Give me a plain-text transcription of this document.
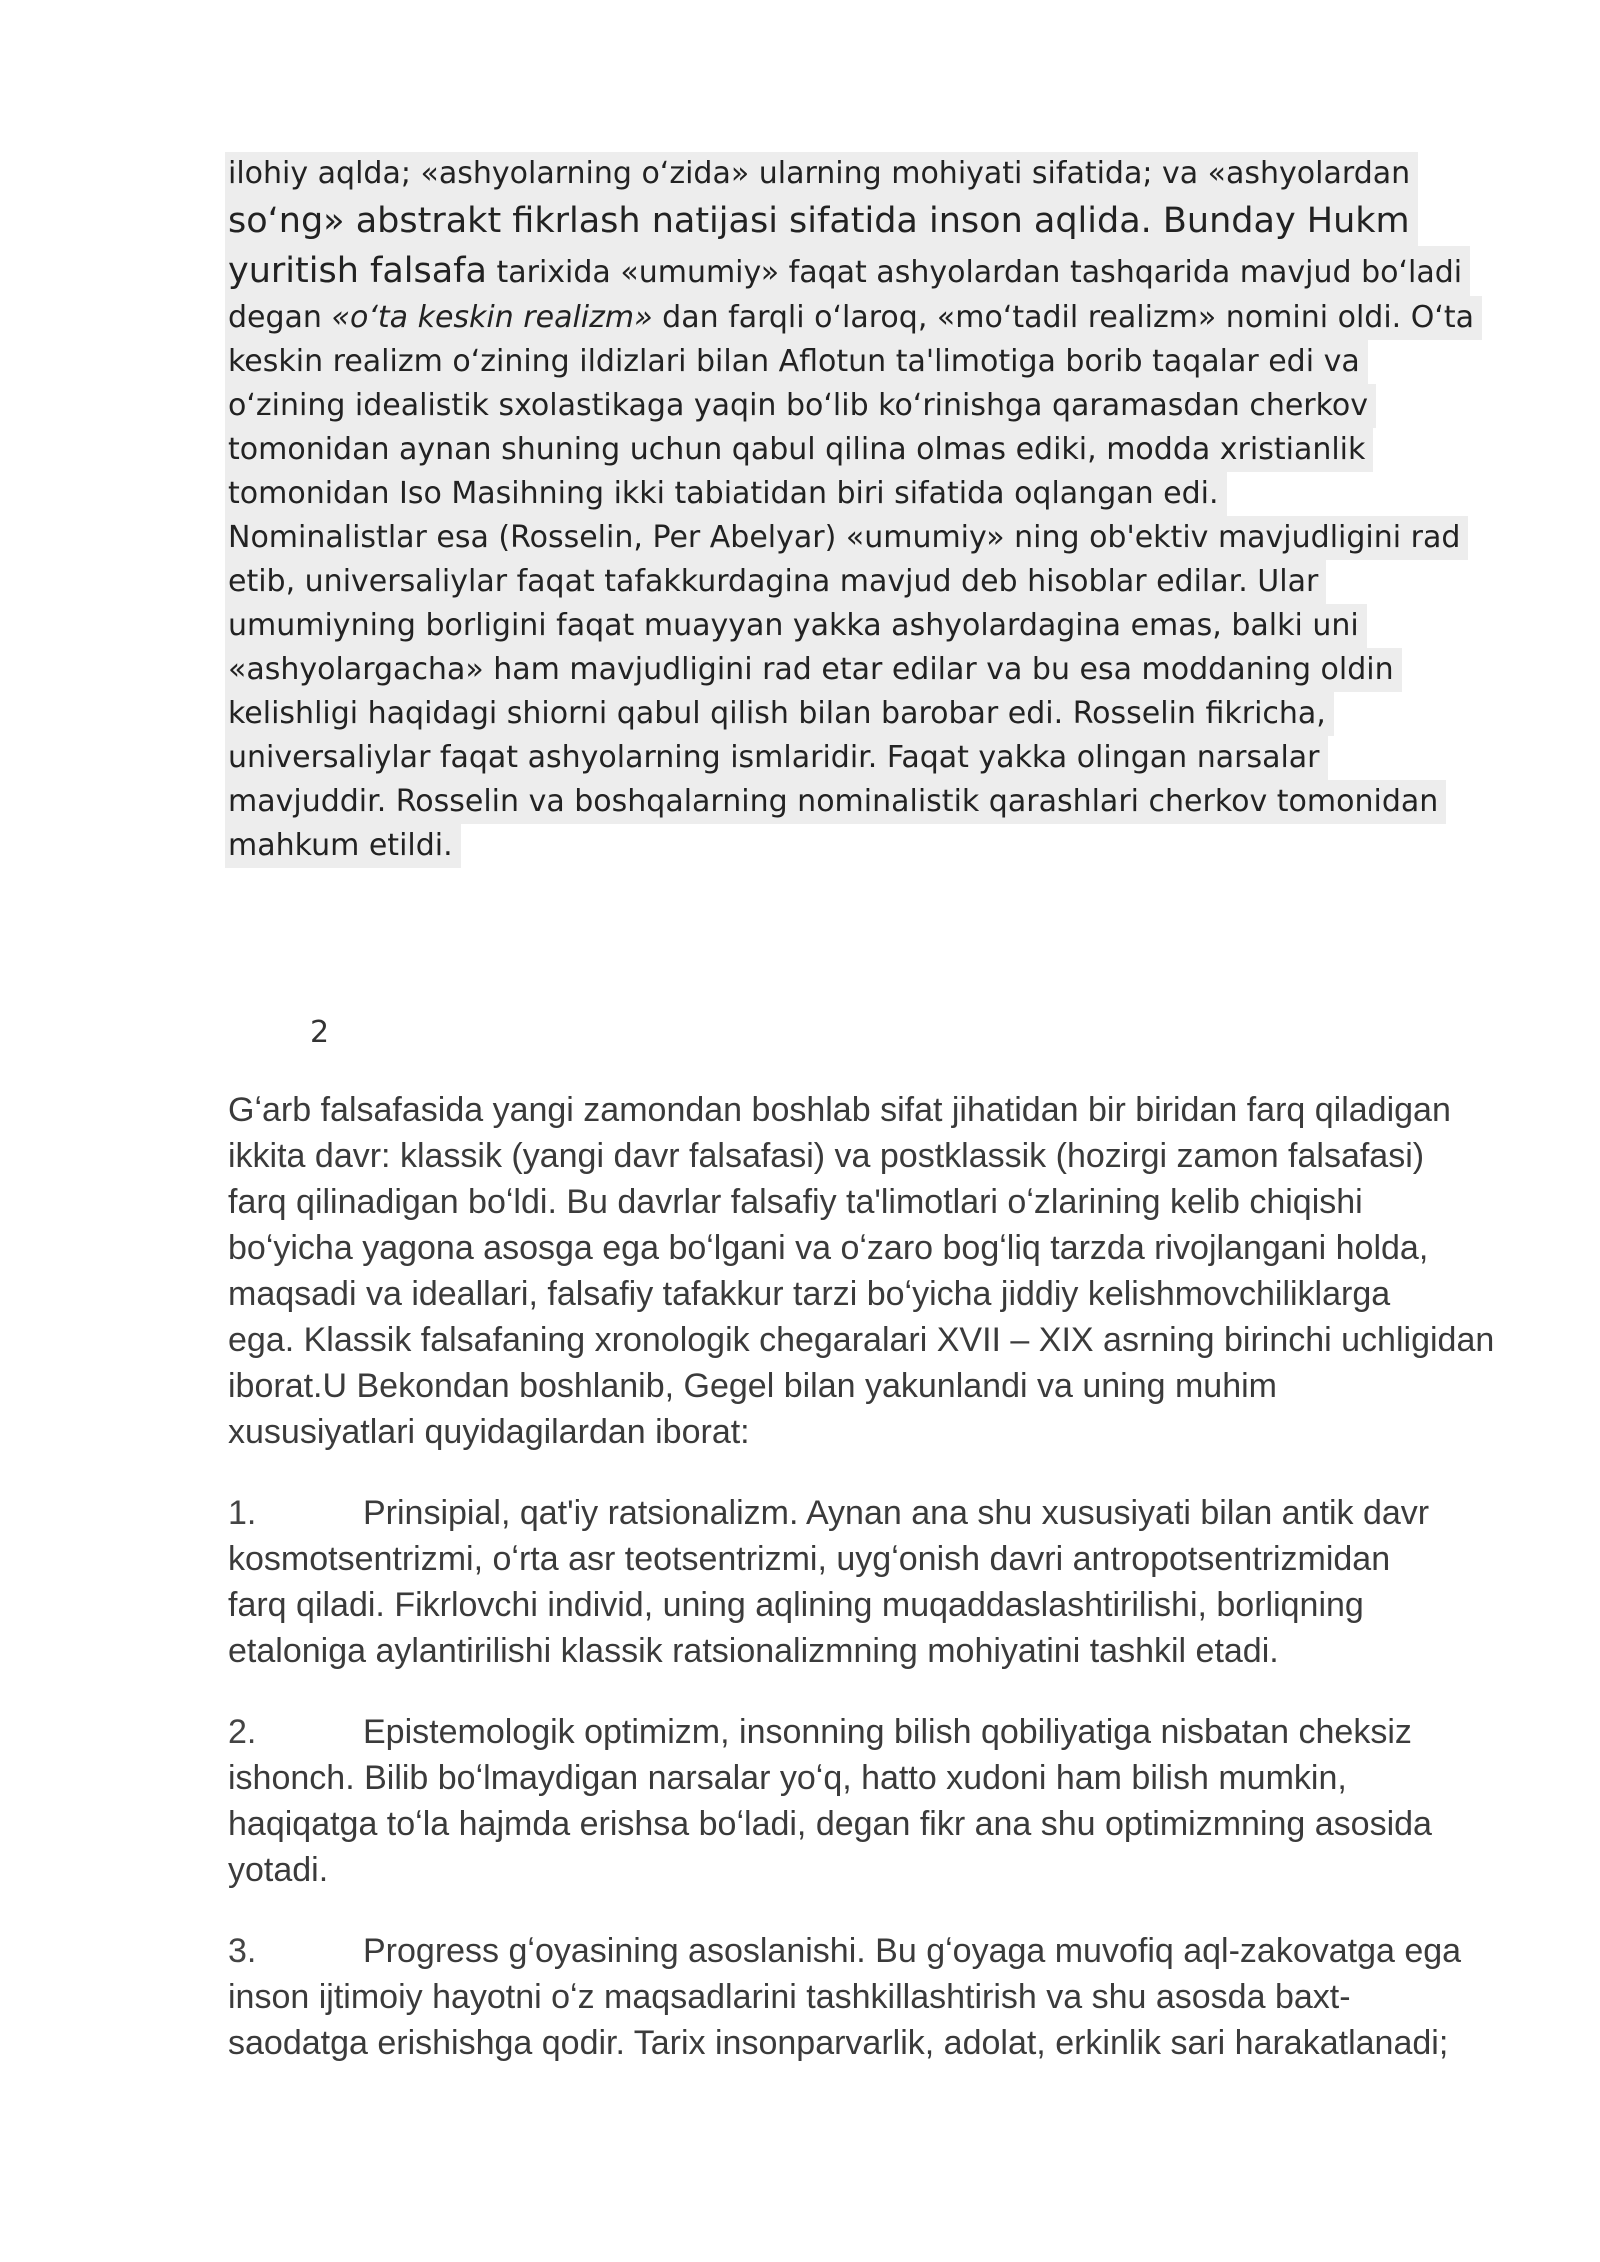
ilohiy aqlda; «ashyolarning oʻzida» ularning mohiyati sifatida; va «ashyolardan
soʻng» abstrakt fikrlash natijasi sifatida inson aqlida. Bunday Hukm
yuritish falsafa tarixida «umumiy» faqat ashyolardan tashqarida mavjud boʻladi
degan «oʻta keskin realizm» dan farqli oʻlaroq, «moʻtadil realizm» nomini oldi. Oʻta
keskin realizm oʻzining ildizlari bilan Aflotun ta'limotiga borib taqalar edi va
oʻzining idealistik sxolastikaga yaqin boʻlib koʻrinishga qaramasdan cherkov
tomonidan aynan shuning uchun qabul qilina olmas ediki, modda xristianlik
tomonidan Iso Masihning ikki tabiatidan biri sifatida oqlangan edi.
Nominalistlar esa (Rosselin, Per Abelyar) «umumiy» ning ob'ektiv mavjudligini rad
etib, universaliylar faqat tafakkurdagina mavjud deb hisoblar edilar. Ular
umumiyning borligini faqat muayyan yakka ashyolardagina emas, balki uni
«ashyolargacha» ham mavjudligini rad etar edilar va bu esa moddaning oldin
kelishligi haqidagi shiorni qabul qilish bilan barobar edi. Rosselin fikricha,
universaliylar faqat ashyolarning ismlaridir. Faqat yakka olingan narsalar
mavjuddir. Rosselin va boshqalarning nominalistik qarashlari cherkov tomonidan
mahkum etildi.
2
Gʻarb falsafasida yangi zamondan boshlab sifat jihatidan bir biridan farq qiladigan
ikkita davr: klassik (yangi davr falsafasi) va postklassik (hozirgi zamon falsafasi)
farq qilinadigan boʻldi. Bu davrlar falsafiy ta'limotlari oʻzlarining kelib chiqishi
boʻyicha yagona asosga ega boʻlgani va oʻzaro bogʻliq tarzda rivojlangani holda,
maqsadi va ideallari, falsafiy tafakkur tarzi boʻyicha jiddiy kelishmovchiliklarga
ega. Klassik falsafaning xronologik chegaralari XVII – XIX asrning birinchi uchligidan
iborat.U Bekondan boshlanib, Gegel bilan yakunlandi va uning muhim
xususiyatlari quyidagilardan iborat:
1.	Prinsipial, qat'iy ratsionalizm. Aynan ana shu xususiyati bilan antik davr
kosmotsentrizmi, oʻrta asr teotsentrizmi, uygʻonish davri antropotsentrizmidan
farq qiladi. Fikrlovchi individ, uning aqlining muqaddaslashtirilishi, borliqning
etaloniga aylantirilishi klassik ratsionalizmning mohiyatini tashkil etadi.
2.	Epistemologik optimizm, insonning bilish qobiliyatiga nisbatan cheksiz
ishonch. Bilib boʻlmaydigan narsalar yoʻq, hatto xudoni ham bilish mumkin,
haqiqatga toʻla hajmda erishsa boʻladi, degan fikr ana shu optimizmning asosida
yotadi.
3.	Progress gʻoyasining asoslanishi. Bu gʻoyaga muvofiq aql-zakovatga ega
inson ijtimoiy hayotni oʻz maqsadlarini tashkillashtirish va shu asosda baxt-
saodatga erishishga qodir. Tarix insonparvarlik, adolat, erkinlik sari harakatlanadi;
